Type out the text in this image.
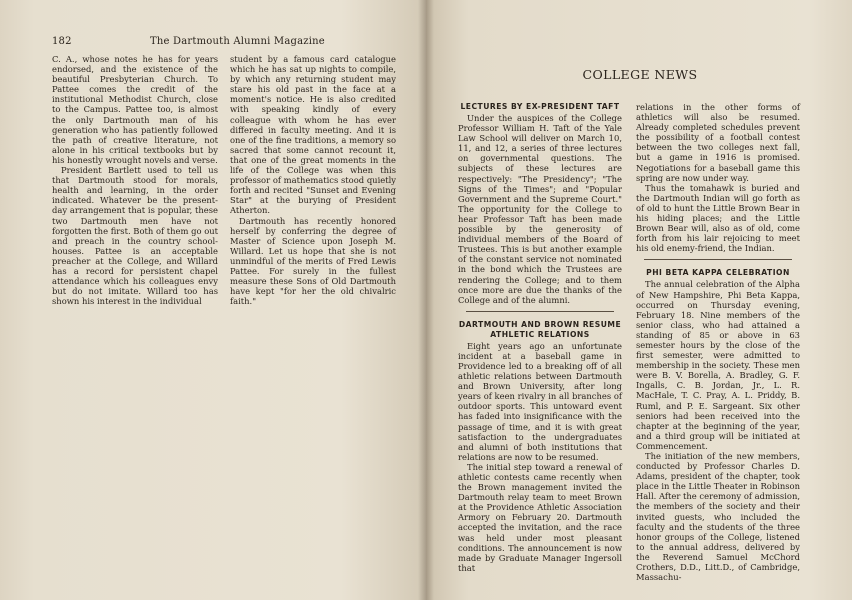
182	The Dartmouth Alumni Magazine

C. A., whose notes he has for years endorsed, and the existence of the beautiful Presbyterian Church. To Pattee comes the credit of the institutional Methodist Church, close to the Campus. Pattee too, is almost the only Dartmouth man of his generation who has patiently followed the path of creative literature, not alone in his critical textbooks but by his honestly wrought novels and verse.

President Bartlett used to tell us that Dartmouth stood for morals, health and learning, in the order indicated. Whatever be the present-day arrangement that is popular, these two Dartmouth men have not forgotten the first. Both of them go out and preach in the country school-houses. Pattee is an acceptable preacher at the College, and Willard has a record for persistent chapel attendance which his colleagues envy but do not imitate. Willard too has shown his interest in the individual

student by a famous card catalogue which he has sat up nights to compile, by which any returning student may stare his old past in the face at a moment's notice. He is also credited with speaking kindly of every colleague with whom he has ever differed in faculty meeting. And it is one of the fine traditions, a memory so sacred that some cannot recount it, that one of the great moments in the life of the College was when this professor of mathematics stood quietly forth and recited "Sunset and Evening Star" at the burying of President Atherton.

Dartmouth has recently honored herself by conferring the degree of Master of Science upon Joseph M. Willard. Let us hope that she is not unmindful of the merits of Fred Lewis Pattee. For surely in the fullest measure these Sons of Old Dartmouth have kept "for her the old chivalric faith."

COLLEGE NEWS
LECTURES BY EX-PRESIDENT TAFT

Under the auspices of the College Professor William H. Taft of the Yale Law School will deliver on March 10, 11, and 12, a series of three lectures on governmental questions. The subjects of these lectures are respectively: "The Presidency"; "The Signs of the Times"; and "Popular Government and the Supreme Court." The opportunity for the College to hear Professor Taft has been made possible by the generosity of individual members of the Board of Trustees. This is but another example of the constant service not nominated in the bond which the Trustees are rendering the College; and to them once more are due the thanks of the College and of the alumni.

DARTMOUTH AND BROWN RESUME ATHLETIC RELATIONS

Eight years ago an unfortunate incident at a baseball game in Providence led to a breaking off of all athletic relations between Dartmouth and Brown University, after long years of keen rivalry in all branches of outdoor sports. This untoward event has faded into insignificance with the passage of time, and it is with great satisfaction to the undergraduates and alumni of both institutions that relations are now to be resumed.

The initial step toward a renewal of athletic contests came recently when the Brown management invited the Dartmouth relay team to meet Brown at the Providence Athletic Association Armory on February 20. Dartmouth accepted the invitation, and the race was held under most pleasant conditions. The announcement is now made by Graduate Manager Ingersoll that

relations in the other forms of athletics will also be resumed. Already completed schedules prevent the possibility of a football contest between the two colleges next fall, but a game in 1916 is promised. Negotiations for a baseball game this spring are now under way.

Thus the tomahawk is buried and the Dartmouth Indian will go forth as of old to hunt the Little Brown Bear in his hiding places; and the Little Brown Bear will, also as of old, come forth from his lair rejoicing to meet his old enemy-friend, the Indian.

PHI BETA KAPPA CELEBRATION

The annual celebration of the Alpha of New Hampshire, Phi Beta Kappa, occurred on Thursday evening, February 18. Nine members of the senior class, who had attained a standing of 85 or above in 63 semester hours by the close of the first semester, were admitted to membership in the society. These men were B. V. Borella, A. Bradley, G. F. Ingalls, C. B. Jordan, Jr., L. R. MacHale, T. C. Pray, A. L. Priddy, B. Ruml, and P. E. Sargeant. Six other seniors had been received into the chapter at the beginning of the year, and a third group will be initiated at Commencement.

The initiation of the new members, conducted by Professor Charles D. Adams, president of the chapter, took place in the Little Theater in Robinson Hall. After the ceremony of admission, the members of the society and their invited guests, who included the faculty and the students of the three honor groups of the College, listened to the annual address, delivered by the Reverend Samuel McChord Crothers, D.D., Litt.D., of Cambridge, Massachu-
